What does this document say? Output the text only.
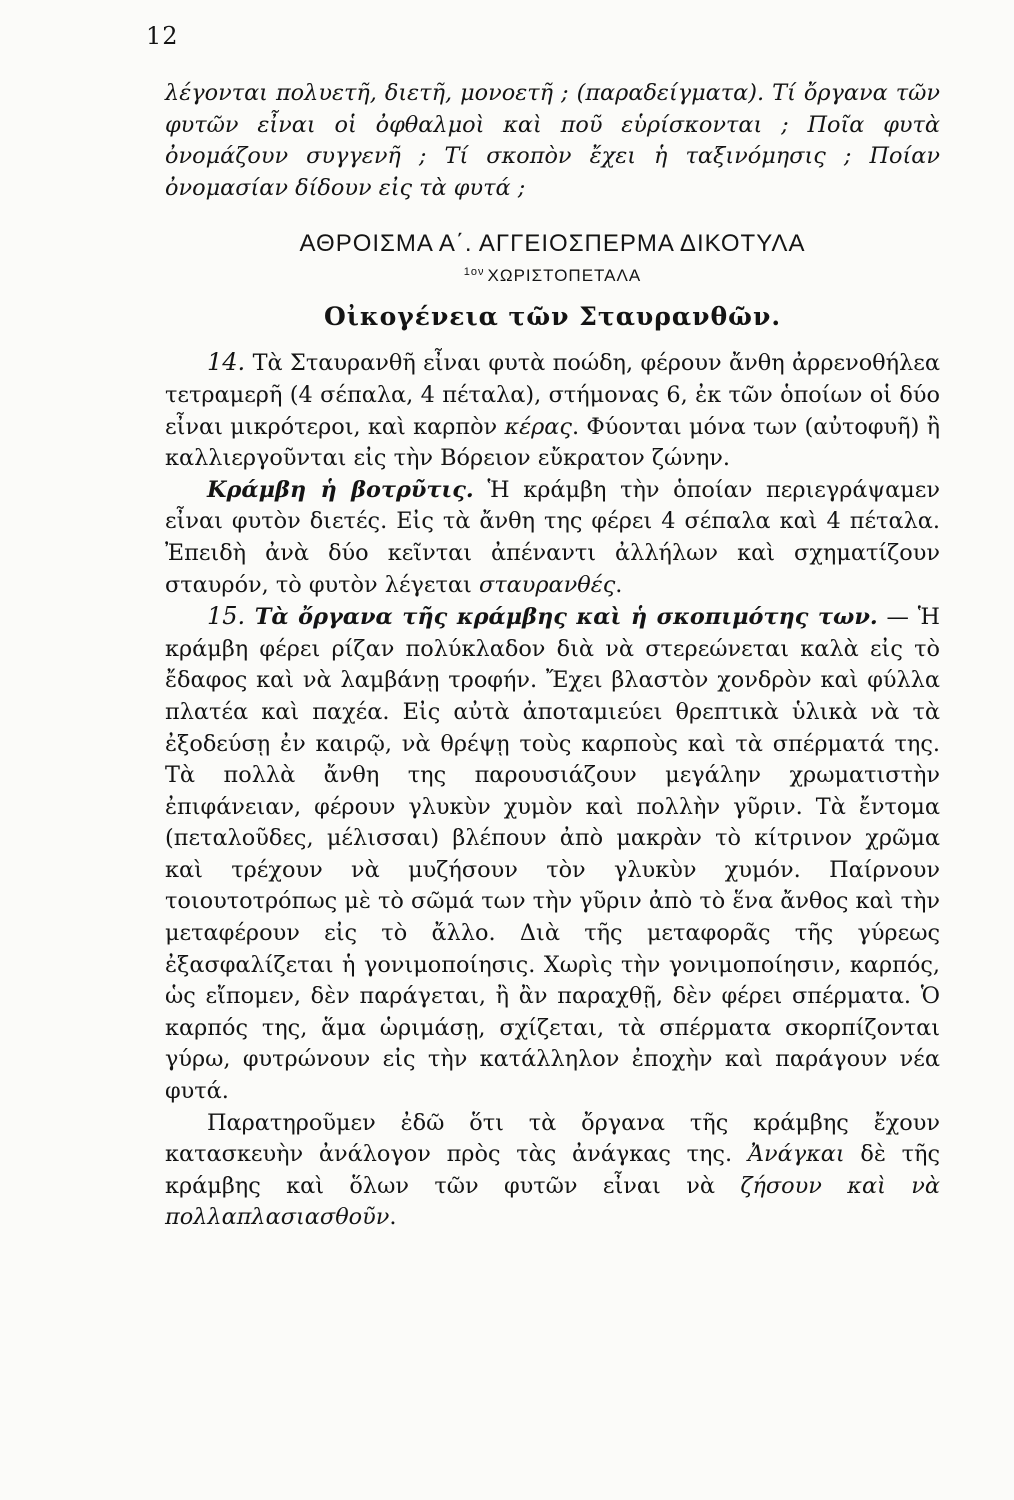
12

λέγονται πολυετῆ, διετῆ, μονοετῆ ; (παραδείγματα). Τί ὄργανα τῶν φυτῶν εἶναι οἱ ὀφθαλμοὶ καὶ ποῦ εὑρίσκονται ; Ποῖα φυτὰ ὀνομάζουν συγγενῆ ; Τί σκοπὸν ἔχει ἡ ταξινόμησις ; Ποίαν ὀνομασίαν δίδουν εἰς τὰ φυτά ;

ΑΘΡΟΙΣΜΑ Α΄. ΑΓΓΕΙΟΣΠΕΡΜΑ ΔΙΚΟΤΥΛΑ
$^{1o\nu}$ ΧΩΡΙΣΤΟΠΕΤΑΛΑ
Οἰκογένεια τῶν Σταυρανθῶν.

14. Τὰ Σταυρανθῆ εἶναι φυτὰ ποώδη, φέρουν ἄνθη ἀρρενοθήλεα τετραμερῆ (4 σέπαλα, 4 πέταλα), στήμονας 6, ἐκ τῶν ὁποίων οἱ δύο εἶναι μικρότεροι, καὶ καρπὸν κέρας. Φύονται μόνα των (αὐτοφυῆ) ἢ καλλιεργοῦνται εἰς τὴν Βόρειον εὔκρατον ζώνην.

Κράμβη ἡ βοτρῦτις. Ἡ κράμβη τὴν ὁποίαν περιεγράψαμεν εἶναι φυτὸν διετές. Εἰς τὰ ἄνθη της φέρει 4 σέπαλα καὶ 4 πέταλα. Ἐπειδὴ ἀνὰ δύο κεῖνται ἀπέναντι ἀλλήλων καὶ σχηματίζουν σταυρόν, τὸ φυτὸν λέγεται σταυρανθές.

15. Τὰ ὄργανα τῆς κράμβης καὶ ἡ σκοπιμότης των. — Ἡ κράμβη φέρει ρίζαν πολύκλαδον διὰ νὰ στερεώνεται καλὰ εἰς τὸ ἔδαφος καὶ νὰ λαμβάνῃ τροφήν. Ἔχει βλαστὸν χονδρὸν καὶ φύλλα πλατέα καὶ παχέα. Εἰς αὐτὰ ἀποταμιεύει θρεπτικὰ ὑλικὰ νὰ τὰ ἐξοδεύσῃ ἐν καιρῷ, νὰ θρέψῃ τοὺς καρποὺς καὶ τὰ σπέρματά της. Τὰ πολλὰ ἄνθη της παρουσιάζουν μεγάλην χρωματιστὴν ἐπιφάνειαν, φέρουν γλυκὺν χυμὸν καὶ πολλὴν γῦριν. Τὰ ἔντομα (πεταλοῦδες, μέλισσαι) βλέπουν ἀπὸ μακρὰν τὸ κίτρινον χρῶμα καὶ τρέχουν νὰ μυζήσουν τὸν γλυκὺν χυμόν. Παίρνουν τοιουτοτρόπως μὲ τὸ σῶμά των τὴν γῦριν ἀπὸ τὸ ἕνα ἄνθος καὶ τὴν μεταφέρουν εἰς τὸ ἄλλο. Διὰ τῆς μεταφορᾶς τῆς γύρεως ἐξασφαλίζεται ἡ γονιμοποίησις. Χωρὶς τὴν γονιμοποίησιν, καρπός, ὡς εἴπομεν, δὲν παράγεται, ἢ ἂν παραχθῇ, δὲν φέρει σπέρματα. Ὁ καρπός της, ἅμα ὡριμάσῃ, σχίζεται, τὰ σπέρματα σκορπίζονται γύρω, φυτρώνουν εἰς τὴν κατάλληλον ἐποχὴν καὶ παράγουν νέα φυτά.

Παρατηροῦμεν ἐδῶ ὅτι τὰ ὄργανα τῆς κράμβης ἔχουν κατασκευὴν ἀνάλογον πρὸς τὰς ἀνάγκας της. Ἀνάγκαι δὲ τῆς κράμβης καὶ ὅλων τῶν φυτῶν εἶναι νὰ ζήσουν καὶ νὰ πολλαπλασιασθοῦν.
